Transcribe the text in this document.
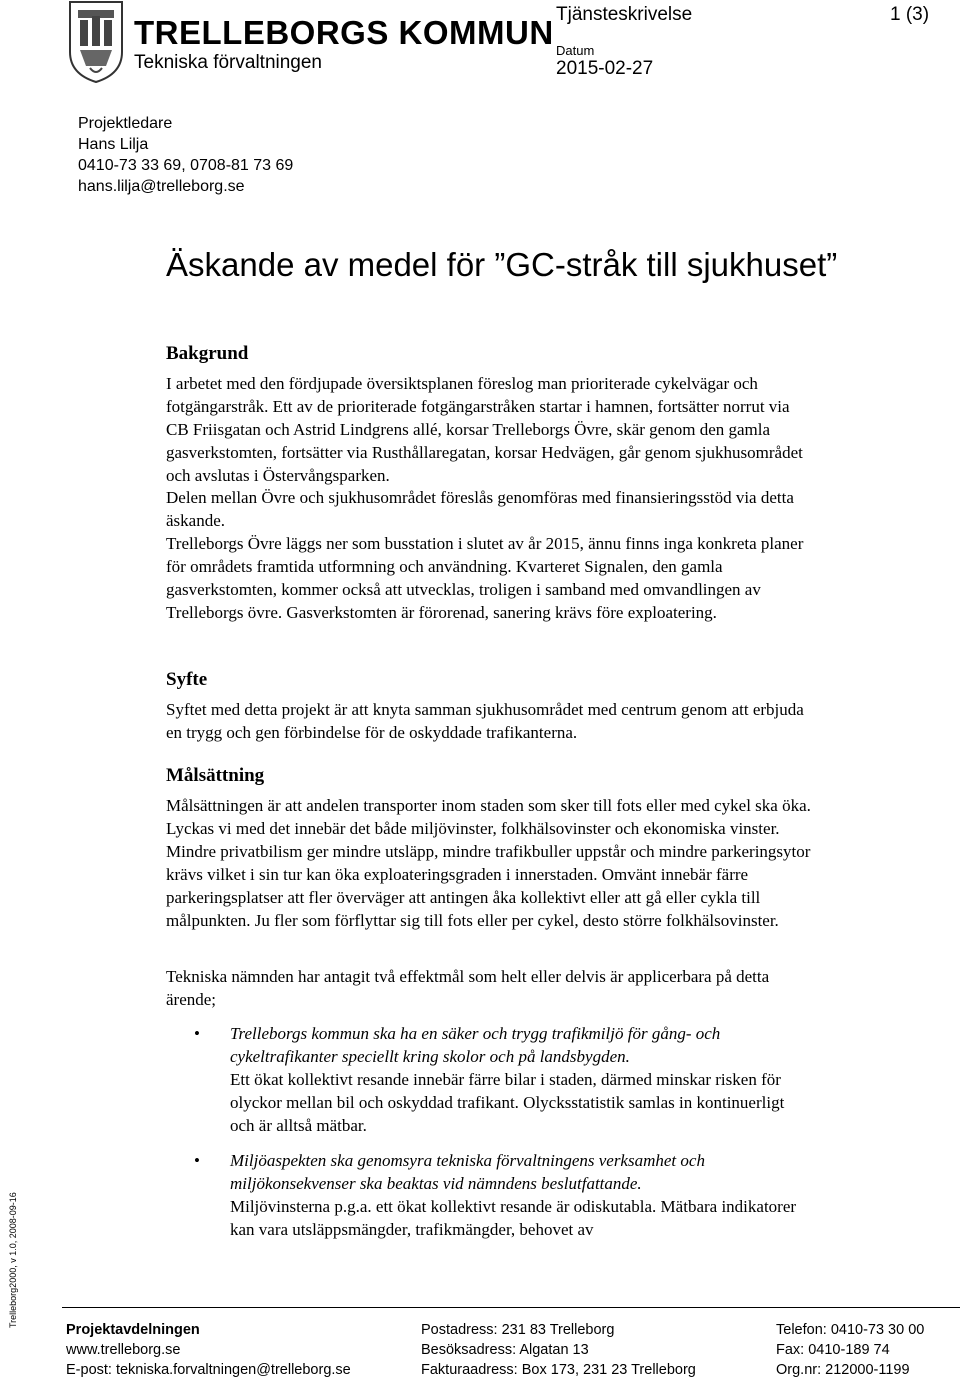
TRELLEBORGS KOMMUN
Tekniska förvaltningen
Tjänsteskrivelse	1 (3)
Datum
2015-02-27
Projektledare
Hans Lilja
0410-73 33 69, 0708-81 73 69
hans.lilja@trelleborg.se
Äskande av medel för ”GC-stråk till sjukhuset”
Bakgrund

I arbetet med den fördjupade översiktsplanen föreslog man prioriterade cykelvägar och fotgängarstråk. Ett av de prioriterade fotgängarstråken startar i hamnen, fortsätter norrut via CB Friisgatan och Astrid Lindgrens allé, korsar Trelleborgs Övre, skär genom den gamla gasverkstomten, fortsätter via Rusthållaregatan, korsar Hedvägen, går genom sjukhusområdet och avslutas i Östervångsparken.

Delen mellan Övre och sjukhusområdet föreslås genomföras med finansieringsstöd via detta äskande.

Trelleborgs Övre läggs ner som busstation i slutet av år 2015, ännu finns inga konkreta planer för områdets framtida utformning och användning. Kvarteret Signalen, den gamla gasverkstomten, kommer också att utvecklas, troligen i samband med omvandlingen av Trelleborgs övre. Gasverkstomten är förorenad, sanering krävs före exploatering.

Syfte

Syftet med detta projekt är att knyta samman sjukhusområdet med centrum genom att erbjuda en trygg och gen förbindelse för de oskyddade trafikanterna.

Målsättning

Målsättningen är att andelen transporter inom staden som sker till fots eller med cykel ska öka. Lyckas vi med det innebär det både miljövinster, folkhälsovinster och ekonomiska vinster. Mindre privatbilism ger mindre utsläpp, mindre trafikbuller uppstår och mindre parkeringsytor krävs vilket i sin tur kan öka exploateringsgraden i innerstaden. Omvänt innebär färre parkeringsplatser att fler överväger att antingen åka kollektivt eller att gå eller cykla till målpunkten. Ju fler som förflyttar sig till fots eller per cykel, desto större folkhälsovinster.

Tekniska nämnden har antagit två effektmål som helt eller delvis är applicerbara på detta ärende;

• Trelleborgs kommun ska ha en säker och trygg trafikmiljö för gång- och cykeltrafikanter speciellt kring skolor och på landsbygden.
Ett ökat kollektivt resande innebär färre bilar i staden, därmed minskar risken för olyckor mellan bil och oskyddad trafikant. Olycksstatistik samlas in kontinuerligt och är alltså mätbar.
• Miljöaspekten ska genomsyra tekniska förvaltningens verksamhet och miljökonsekvenser ska beaktas vid nämndens beslutfattande.
Miljövinsterna p.g.a. ett ökat kollektivt resande är odiskutabla. Mätbara indikatorer kan vara utsläppsmängder, trafikmängder, behovet av
Trelleborg2000, v 1.0, 2008-09-16
Projektavdelningen
www.trelleborg.se
E-post: tekniska.forvaltningen@trelleborg.se
Postadress: 231 83 Trelleborg
Besöksadress: Algatan 13
Fakturaadress: Box 173, 231 23 Trelleborg
Telefon: 0410-73 30 00
Fax: 0410-189 74
Org.nr: 212000-1199
